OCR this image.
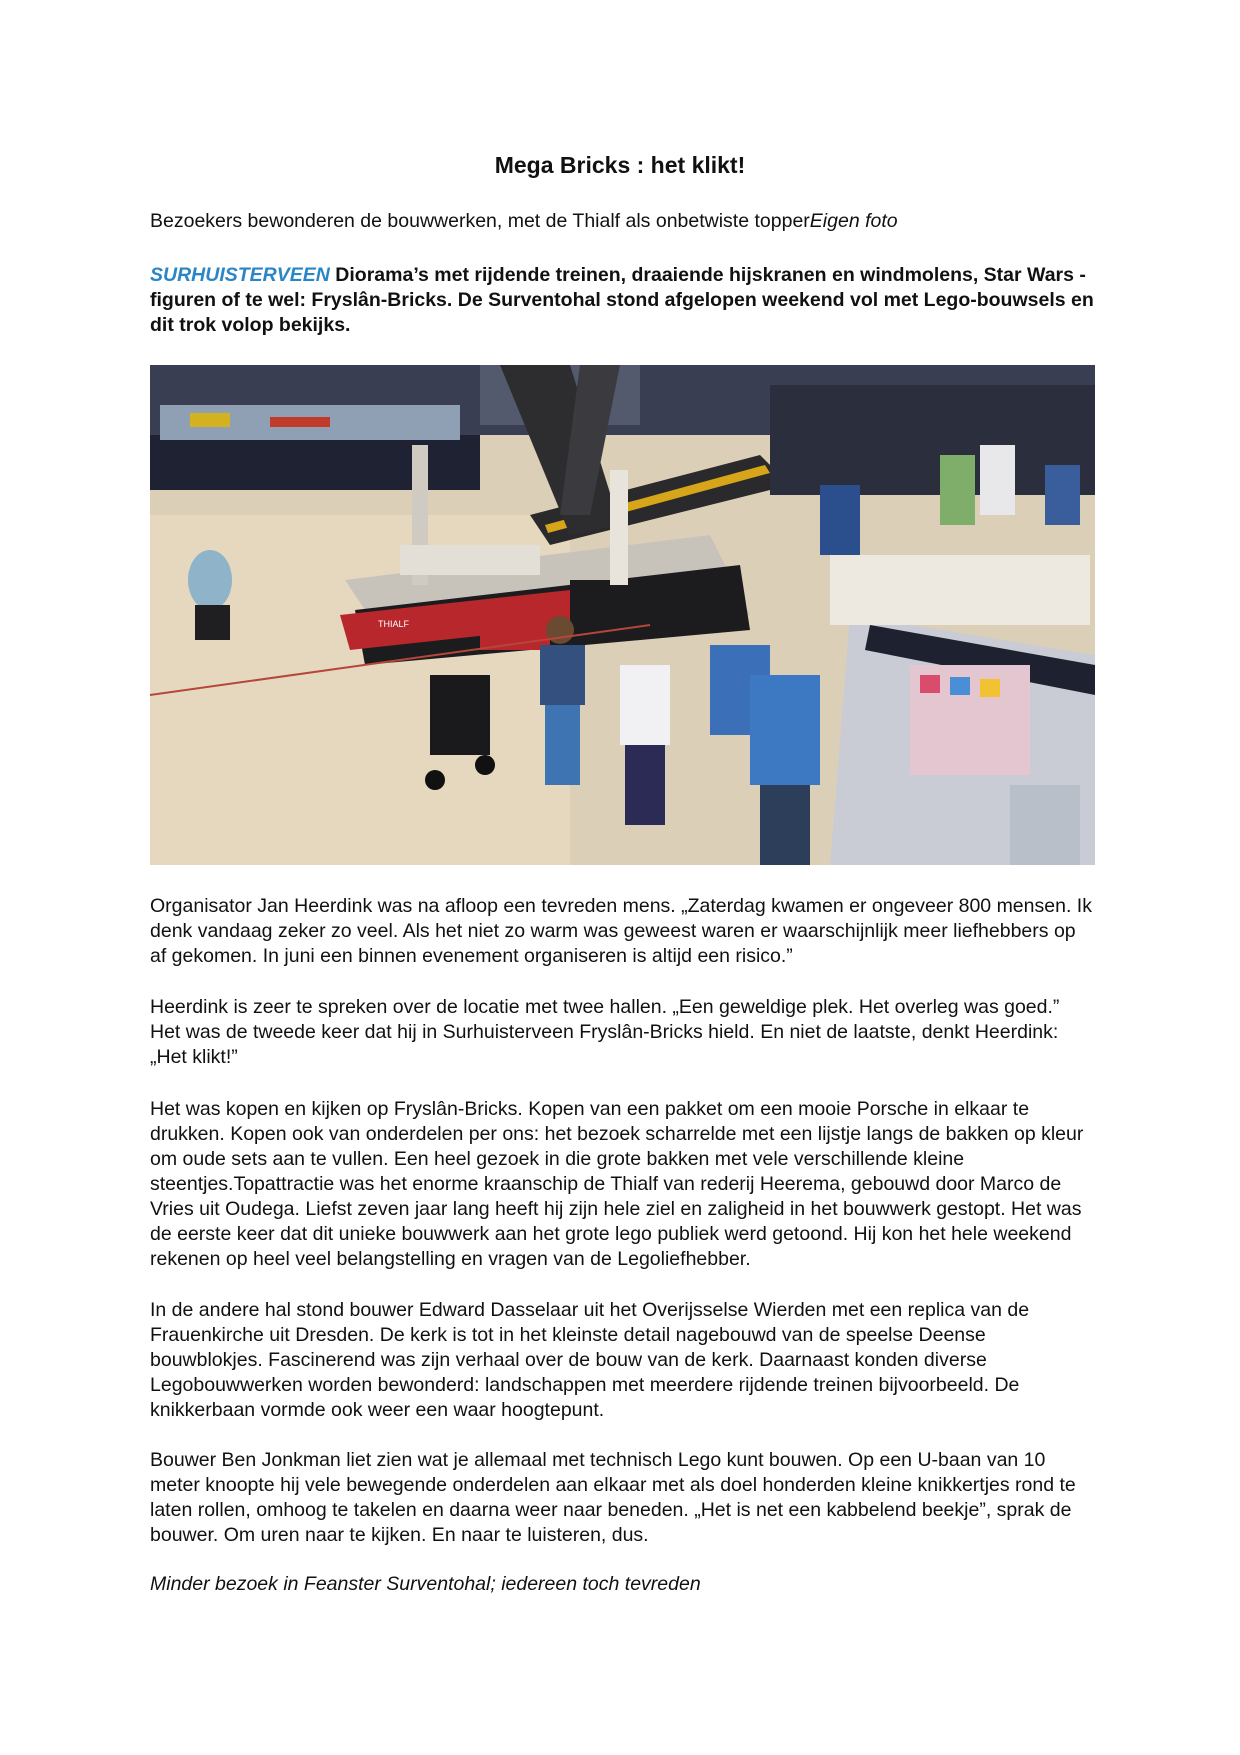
Mega Bricks : het klikt!

Bezoekers bewonderen de bouwwerken, met de Thialf als onbetwiste topperEigen foto

SURHUISTERVEEN Diorama’s met rijdende treinen, draaiende hijskranen en windmolens, Star Wars -figuren of te wel: Fryslân-Bricks. De Surventohal stond afgelopen weekend vol met Lego-bouwsels en dit trok volop bekijks.

THIALF

Organisator Jan Heerdink was na afloop een tevreden mens. „Zaterdag kwamen er ongeveer 800 mensen. Ik denk vandaag zeker zo veel. Als het niet zo warm was geweest waren er waarschijnlijk meer liefhebbers op af gekomen. In juni een binnen evenement organiseren is altijd een risico.”

Heerdink is zeer te spreken over de locatie met twee hallen. „Een geweldige plek. Het overleg was goed.” Het was de tweede keer dat hij in Surhuisterveen Fryslân-Bricks hield. En niet de laatste, denkt Heerdink: „Het klikt!”

Het was kopen en kijken op Fryslân-Bricks. Kopen van een pakket om een mooie Porsche in elkaar te drukken. Kopen ook van onderdelen per ons: het bezoek scharrelde met een lijstje langs de bakken op kleur om oude sets aan te vullen. Een heel gezoek in die grote bakken met vele verschillende kleine steentjes.Topattractie was het enorme kraanschip de Thialf van rederij Heerema, gebouwd door Marco de Vries uit Oudega. Liefst zeven jaar lang heeft hij zijn hele ziel en zaligheid in het bouwwerk gestopt. Het was de eerste keer dat dit unieke bouwwerk aan het grote lego publiek werd getoond. Hij kon het hele weekend rekenen op heel veel belangstelling en vragen van de Legoliefhebber.

In de andere hal stond bouwer Edward Dasselaar uit het Overijsselse Wierden met een replica van de Frauenkirche uit Dresden. De kerk is tot in het kleinste detail nagebouwd van de speelse Deense bouwblokjes. Fascinerend was zijn verhaal over de bouw van de kerk. Daarnaast konden diverse Legobouwwerken worden bewonderd: landschappen met meerdere rijdende treinen bijvoorbeeld. De knikkerbaan vormde ook weer een waar hoogtepunt.

Bouwer Ben Jonkman liet zien wat je allemaal met technisch Lego kunt bouwen. Op een U-baan van 10 meter knoopte hij vele bewegende onderdelen aan elkaar met als doel honderden kleine knikkertjes rond te laten rollen, omhoog te takelen en daarna weer naar beneden. „Het is net een kabbelend beekje”, sprak de bouwer. Om uren naar te kijken. En naar te luisteren, dus.

Minder bezoek in Feanster Surventohal; iedereen toch tevreden
